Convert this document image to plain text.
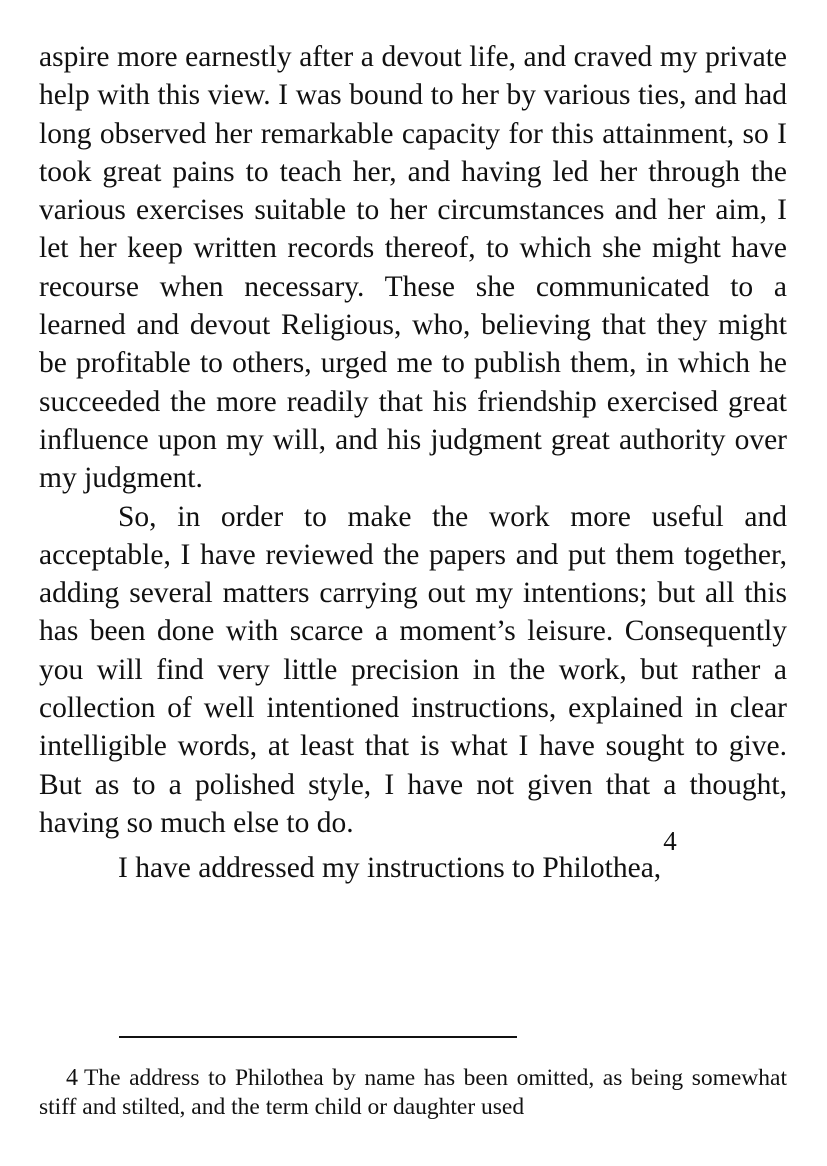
aspire more earnestly after a devout life, and craved my private help with this view. I was bound to her by various ties, and had long observed her remarkable capacity for this attainment, so I took great pains to teach her, and having led her through the various exercises suitable to her circumstances and her aim, I let her keep written records thereof, to which she might have recourse when necessary. These she communicated to a learned and devout Religious, who, believing that they might be profitable to others, urged me to publish them, in which he succeeded the more readily that his friendship exercised great influence upon my will, and his judgment great authority over my judgment.

So, in order to make the work more useful and acceptable, I have reviewed the papers and put them together, adding several matters carrying out my intentions; but all this has been done with scarce a moment’s leisure. Consequently you will find very little precision in the work, but rather a collection of well intentioned instructions, explained in clear intelligible words, at least that is what I have sought to give. But as to a polished style, I have not given that a thought, having so much else to do.

I have addressed my instructions to Philothea,$^4$

4 The address to Philothea by name has been omitted, as being somewhat stiff and stilted, and the term child or daughter used
